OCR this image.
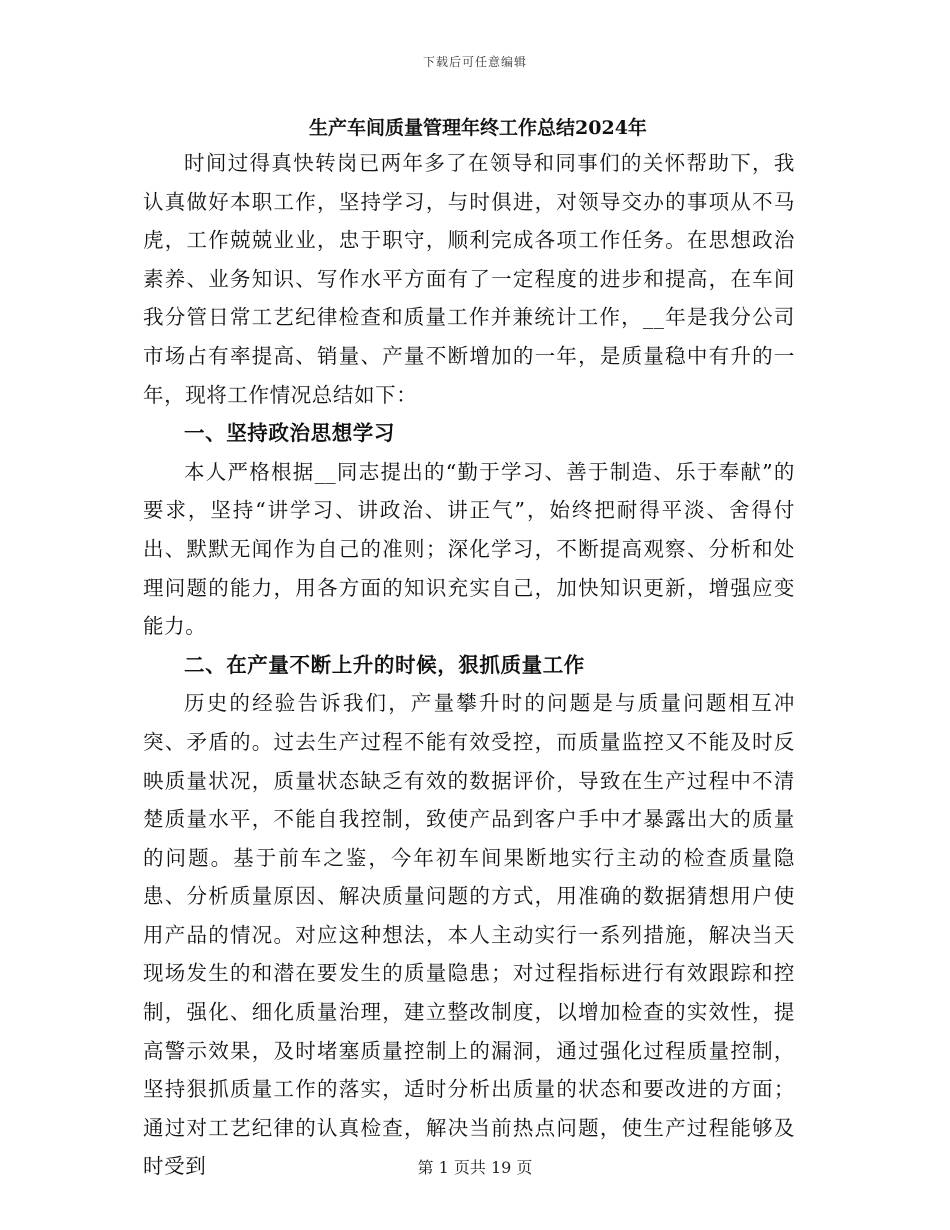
下载后可任意编辑
生产车间质量管理年终工作总结2024年

时间过得真快转岗已两年多了在领导和同事们的关怀帮助下，我认真做好本职工作，坚持学习，与时俱进，对领导交办的事项从不马虎，工作兢兢业业，忠于职守，顺利完成各项工作任务。在思想政治素养、业务知识、写作水平方面有了一定程度的进步和提高，在车间我分管日常工艺纪律检查和质量工作并兼统计工作，__年是我分公司市场占有率提高、销量、产量不断增加的一年，是质量稳中有升的一年，现将工作情况总结如下：

一、坚持政治思想学习

本人严格根据__同志提出的“勤于学习、善于制造、乐于奉献”的要求，坚持“讲学习、讲政治、讲正气”，始终把耐得平淡、舍得付出、默默无闻作为自己的准则；深化学习，不断提高观察、分析和处理问题的能力，用各方面的知识充实自己，加快知识更新，增强应变能力。

二、在产量不断上升的时候，狠抓质量工作

历史的经验告诉我们，产量攀升时的问题是与质量问题相互冲突、矛盾的。过去生产过程不能有效受控，而质量监控又不能及时反映质量状况，质量状态缺乏有效的数据评价，导致在生产过程中不清楚质量水平，不能自我控制，致使产品到客户手中才暴露出大的质量的问题。基于前车之鉴，今年初车间果断地实行主动的检查质量隐患、分析质量原因、解决质量问题的方式，用准确的数据猜想用户使用产品的情况。对应这种想法，本人主动实行一系列措施，解决当天现场发生的和潜在要发生的质量隐患；对过程指标进行有效跟踪和控制，强化、细化质量治理，建立整改制度，以增加检查的实效性，提高警示效果，及时堵塞质量控制上的漏洞，通过强化过程质量控制，坚持狠抓质量工作的落实，适时分析出质量的状态和要改进的方面；通过对工艺纪律的认真检查，解决当前热点问题，使生产过程能够及时受到	第 1 页共 19 页
